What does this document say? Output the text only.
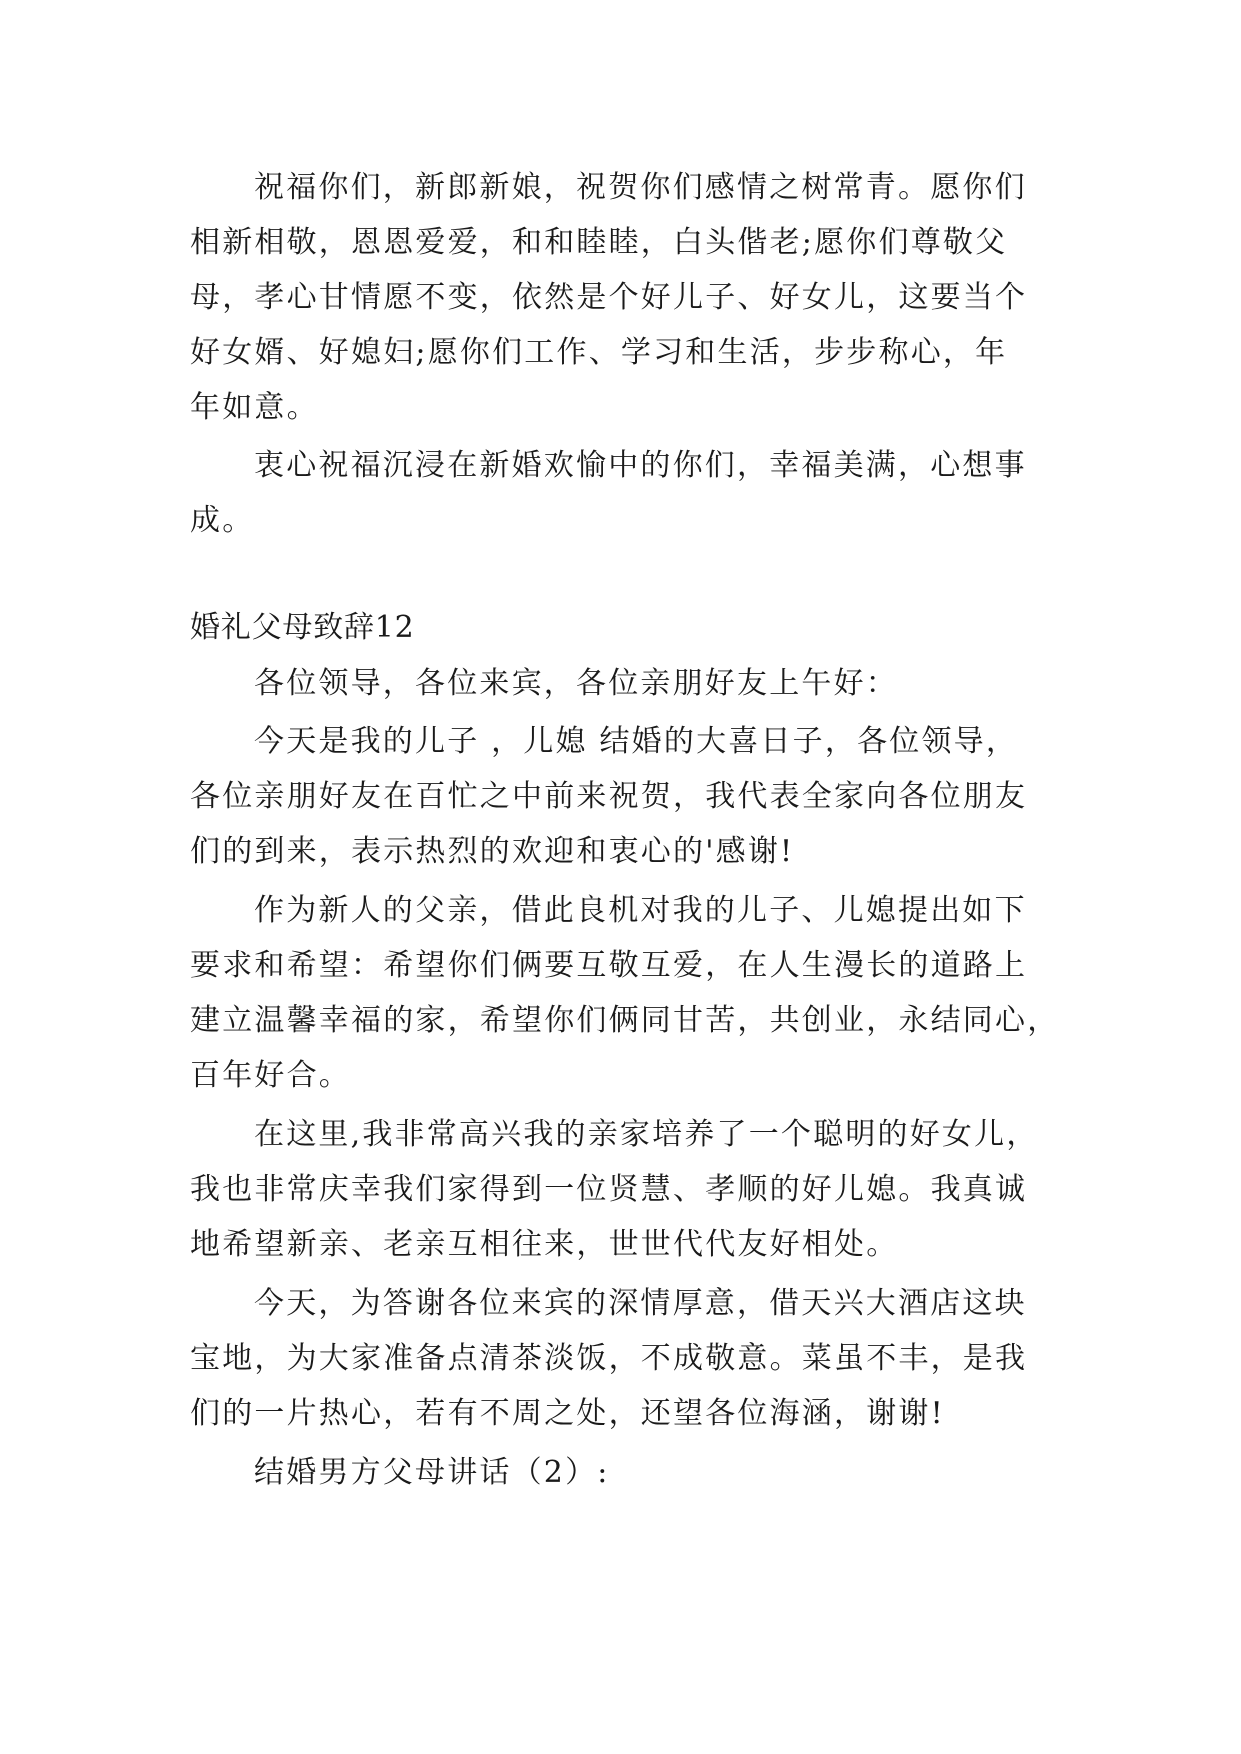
祝福你们，新郎新娘，祝贺你们感情之树常青。愿你们
相新相敬，恩恩爱爱，和和睦睦，白头偕老;愿你们尊敬父
母，孝心甘情愿不变，依然是个好儿子、好女儿，这要当个
好女婿、好媳妇;愿你们工作、学习和生活，步步称心，年
年如意。
衷心祝福沉浸在新婚欢愉中的你们，幸福美满，心想事
成。
婚礼父母致辞12
各位领导，各位来宾，各位亲朋好友上午好：
今天是我的儿子 ，儿媳 结婚的大喜日子，各位领导，
各位亲朋好友在百忙之中前来祝贺，我代表全家向各位朋友
们的到来，表示热烈的欢迎和衷心的'感谢!
作为新人的父亲，借此良机对我的儿子、儿媳提出如下
要求和希望：希望你们俩要互敬互爱，在人生漫长的道路上
建立温馨幸福的家，希望你们俩同甘苦，共创业，永结同心，
百年好合。
在这里,我非常高兴我的亲家培养了一个聪明的好女儿，
我也非常庆幸我们家得到一位贤慧、孝顺的好儿媳。我真诚
地希望新亲、老亲互相往来，世世代代友好相处。
今天，为答谢各位来宾的深情厚意，借天兴大酒店这块
宝地，为大家准备点清茶淡饭，不成敬意。菜虽不丰，是我
们的一片热心，若有不周之处，还望各位海涵，谢谢!
结婚男方父母讲话（2）:
